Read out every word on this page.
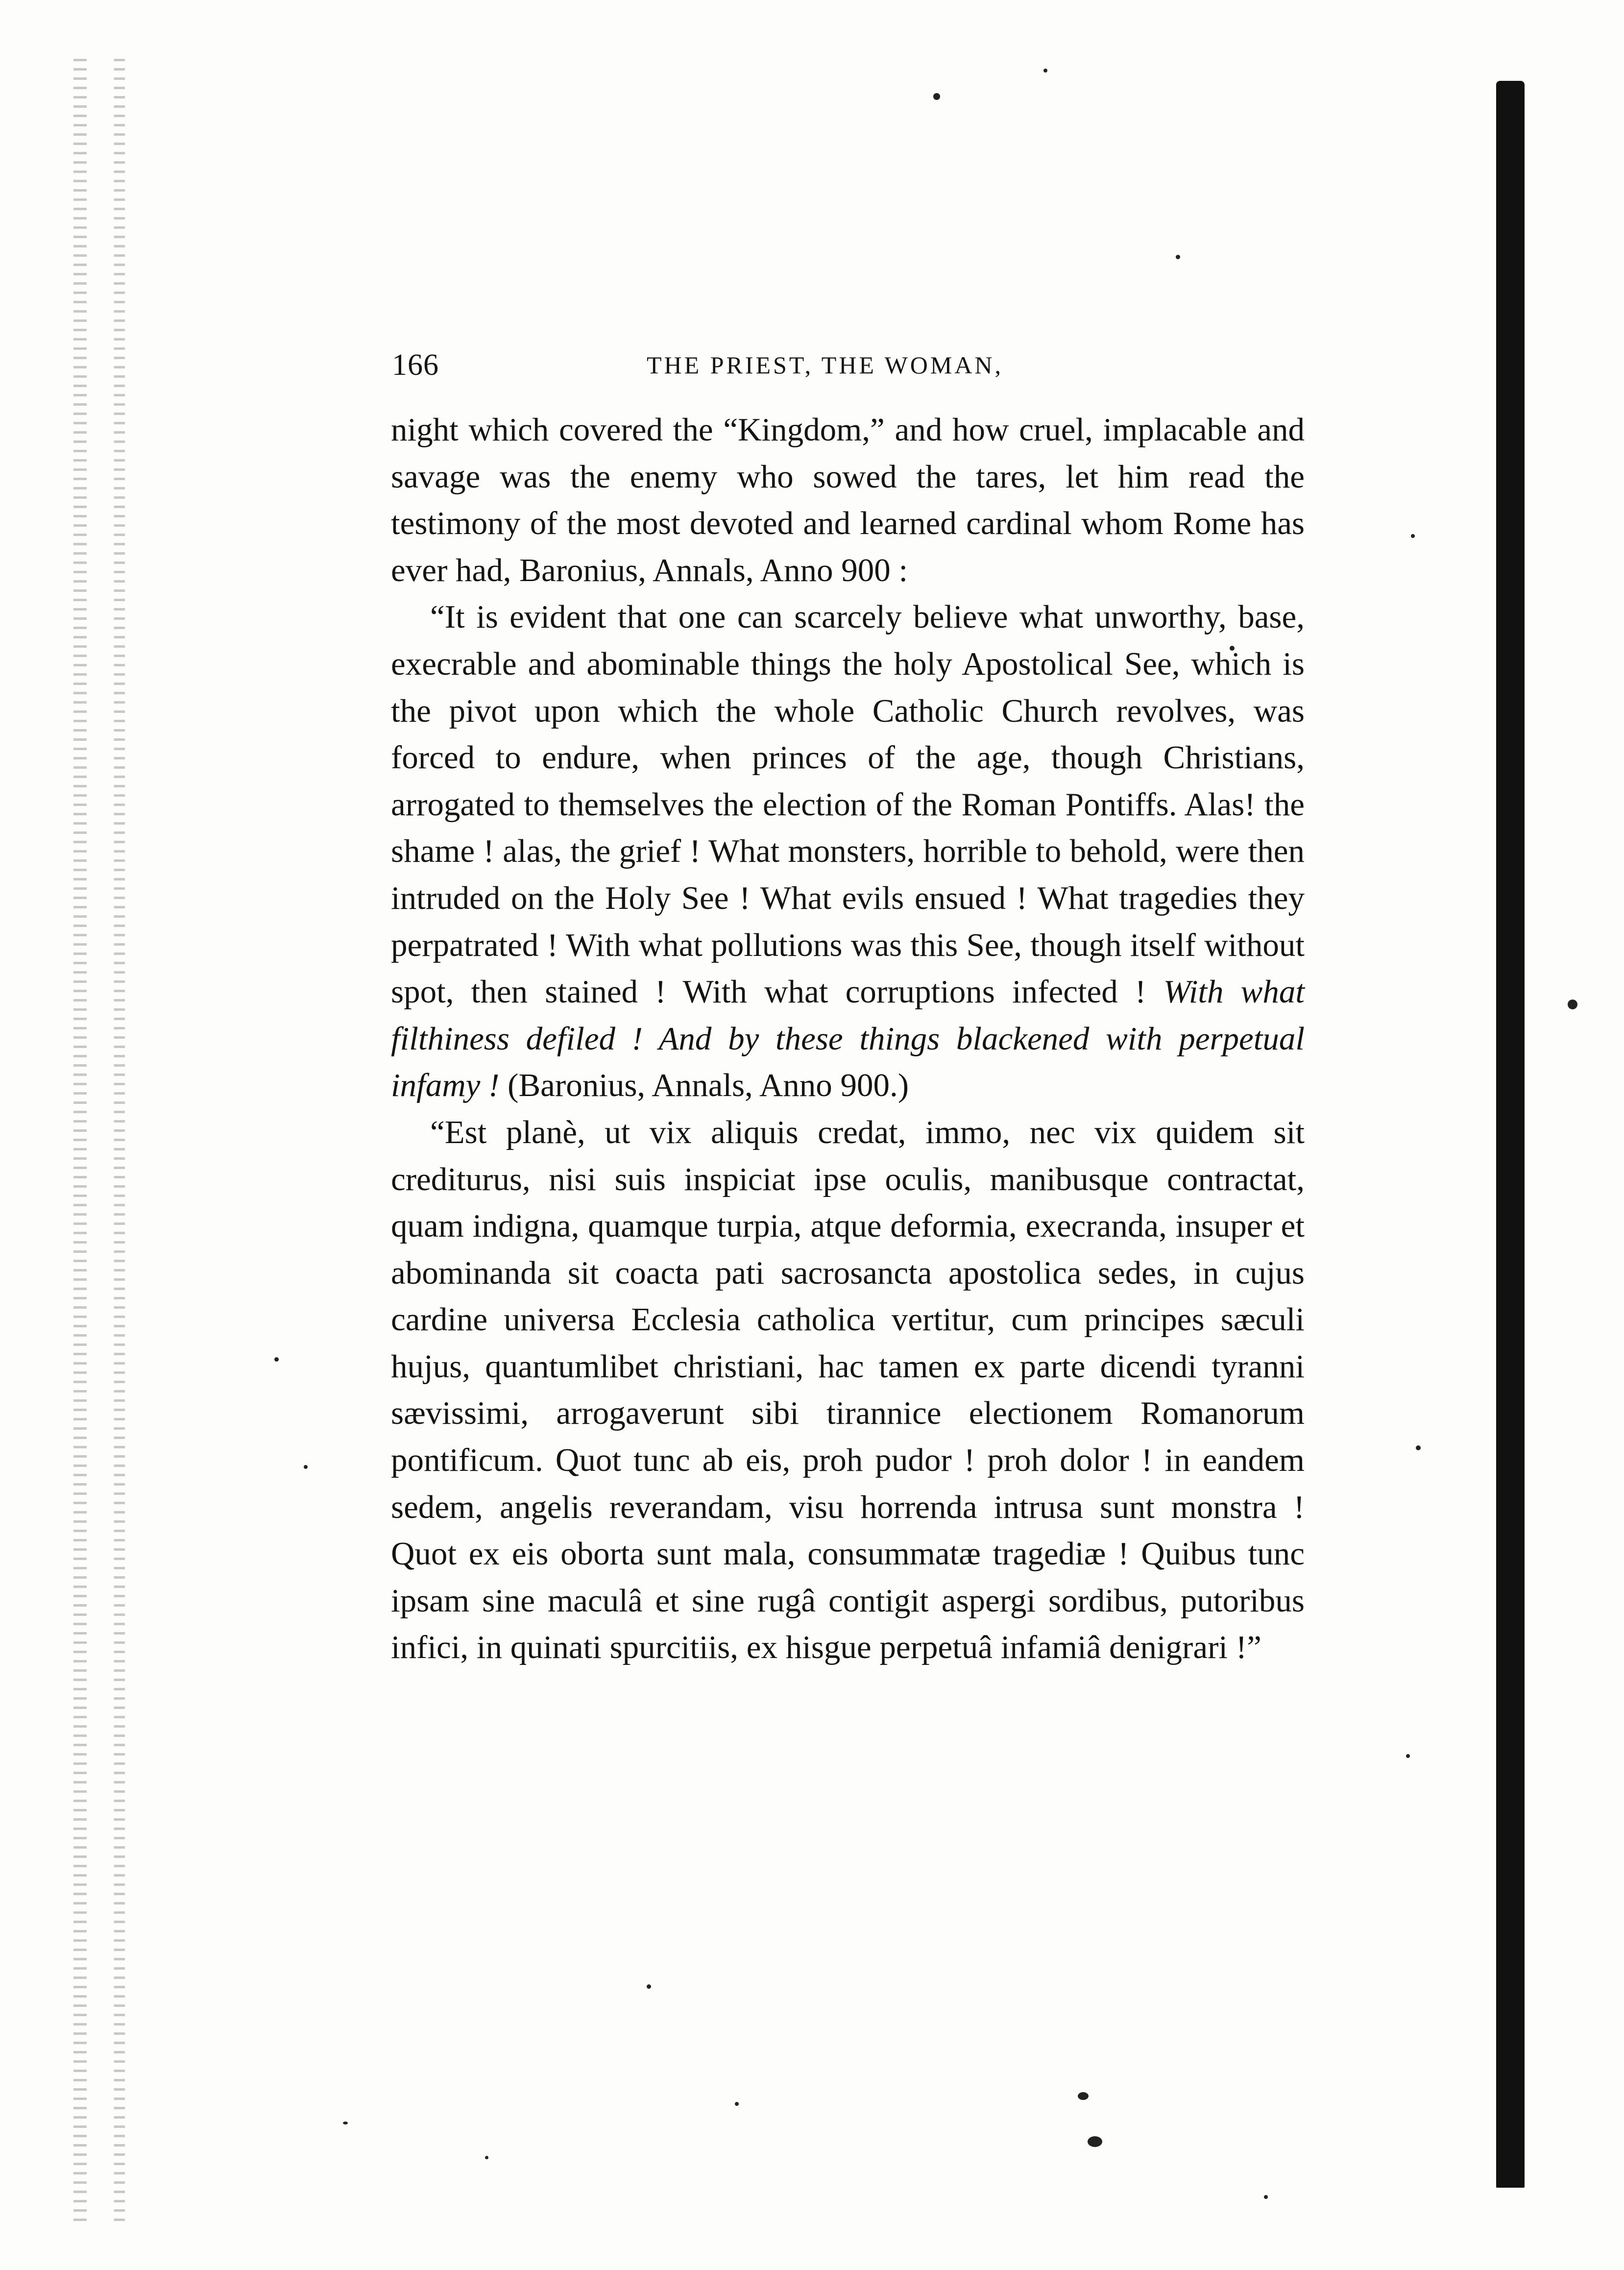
166	THE PRIEST, THE WOMAN,

night which covered the “Kingdom,” and how cruel, implacable and savage was the enemy who sowed the tares, let him read the testimony of the most devoted and learned cardinal whom Rome has ever had, Baronius, Annals, Anno 900 :

“It is evident that one can scarcely believe what unworthy, base, execrable and abominable things the holy Apostolical See, which is the pivot upon which the whole Catholic Church revolves, was forced to endure, when princes of the age, though Christians, arrogated to themselves the election of the Roman Pontiffs. Alas! the shame ! alas, the grief ! What monsters, horrible to behold, were then intruded on the Holy See ! What evils ensued ! What tragedies they perpatrated ! With what pollutions was this See, though itself without spot, then stained ! With what corruptions infected ! With what filthiness defiled ! And by these things blackened with perpetual infamy ! (Baronius, Annals, Anno 900.)

“Est planè, ut vix aliquis credat, immo, nec vix quidem sit crediturus, nisi suis inspiciat ipse oculis, manibusque contractat, quam indigna, quamque turpia, atque deformia, execranda, insuper et abominanda sit coacta pati sacrosancta apostolica sedes, in cujus cardine universa Ecclesia catholica vertitur, cum principes sæculi hujus, quantumlibet christiani, hac tamen ex parte dicendi tyranni sævissimi, arrogaverunt sibi tirannice electionem Romanorum pontificum. Quot tunc ab eis, proh pudor ! proh dolor ! in eandem sedem, angelis reverandam, visu horrenda intrusa sunt monstra ! Quot ex eis oborta sunt mala, consummatæ tragediæ ! Quibus tunc ipsam sine maculâ et sine rugâ contigit aspergi sordibus, putoribus infici, in quinati spurcitiis, ex hisgue perpetuâ infamiâ denigrari !”
